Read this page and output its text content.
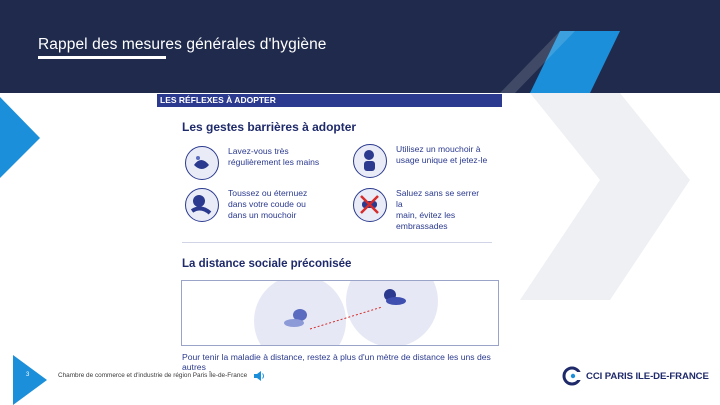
Rappel des mesures générales d'hygiène
LES RÉFLEXES À ADOPTER
Les gestes barrières à adopter
Lavez-vous très
régulièrement les mains
Utilisez un mouchoir à
usage unique et jetez-le
Toussez ou éternuez
dans votre coude ou
dans un mouchoir
Saluez sans se serrer la
main, évitez les
embrassades
La distance sociale préconisée
Pour tenir la maladie à distance, restez à plus d'un mètre de distance les uns des autres
3	Chambre de commerce et d'industrie de région Paris Île-de-France	CCI PARIS ILE-DE-FRANCE
